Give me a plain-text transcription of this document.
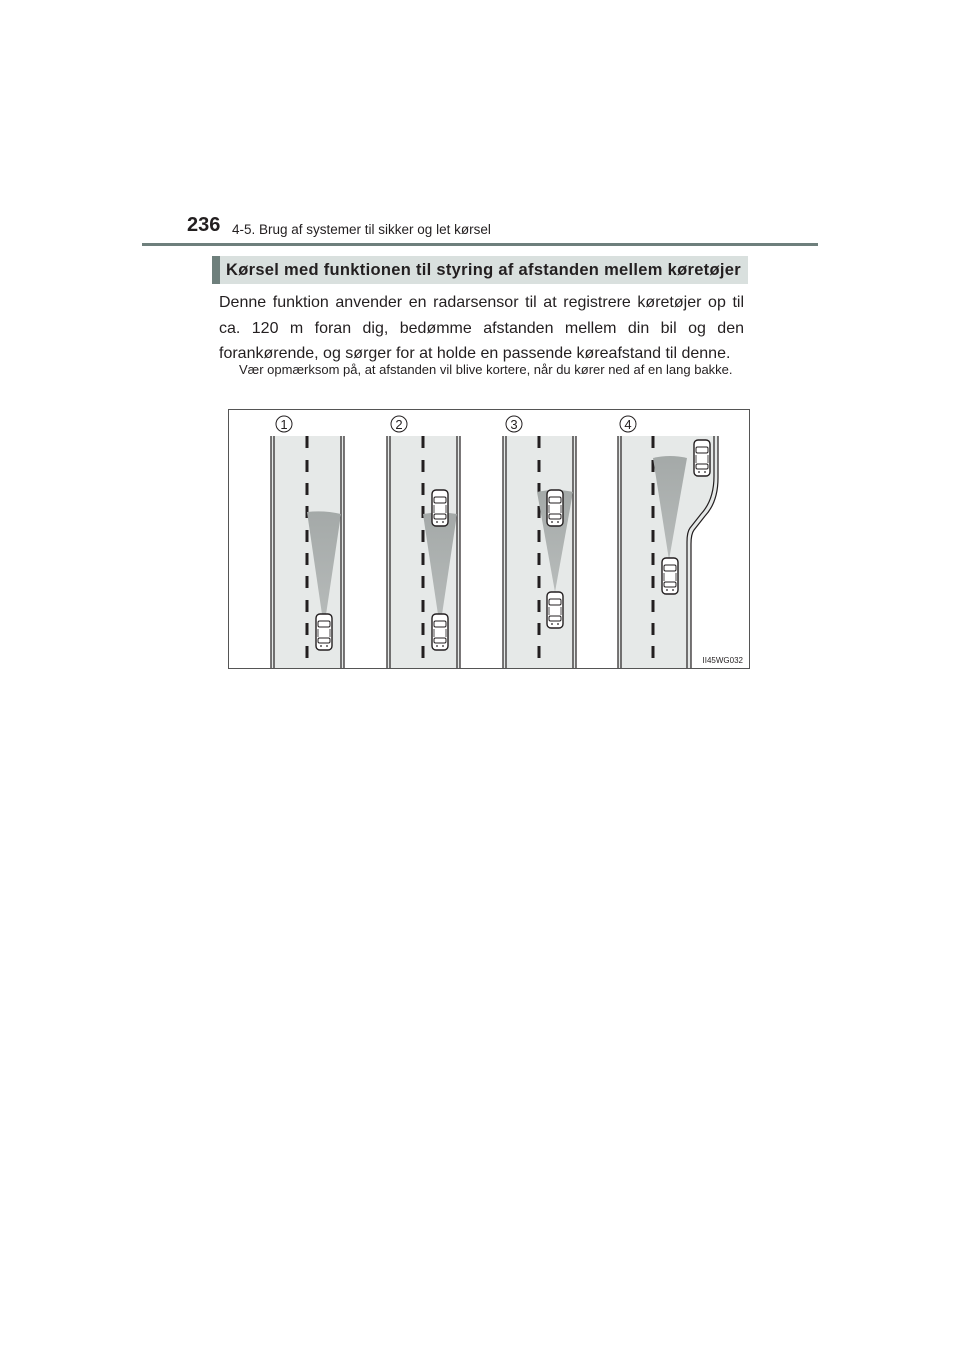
236 4-5. Brug af systemer til sikker og let kørsel
Kørsel med funktionen til styring af afstanden mellem køretøjer
Denne funktion anvender en radarsensor til at registrere køretøjer op til ca. 120 m foran dig, bedømme afstanden mellem din bil og den forankørende, og sørger for at holde en passende køreafstand til denne.
Vær opmærksom på, at afstanden vil blive kortere, når du kører ned af en lang bakke.
1	2	3	4
II45WG032
